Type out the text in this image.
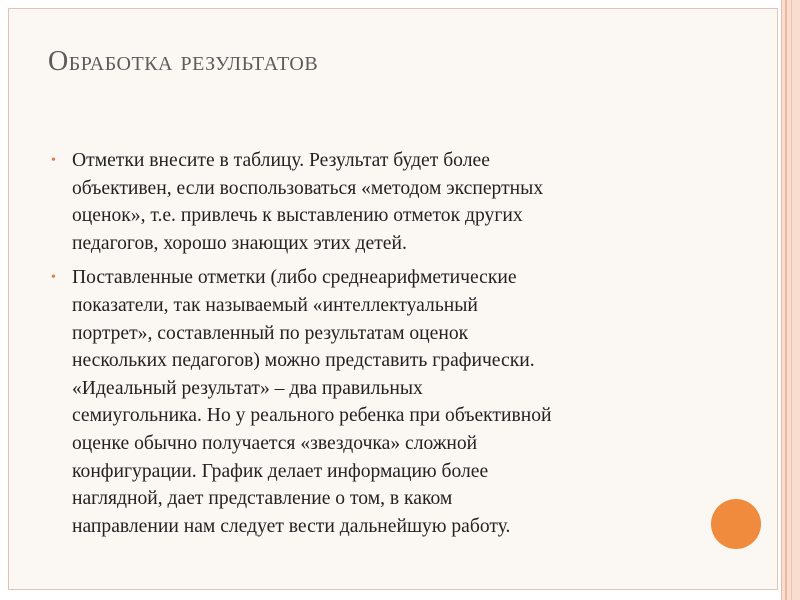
Обработка результатов
• Отметки внесите в таблицу. Результат будет более
объективен, если воспользоваться «методом экспертных
оценок», т.е. привлечь к выставлению отметок других
педагогов, хорошо знающих этих детей.
• Поставленные отметки (либо среднеарифметические
показатели, так называемый «интеллектуальный
портрет», составленный по результатам оценок
нескольких педагогов) можно представить графически.
«Идеальный результат» – два правильных
семиугольника. Но у реального ребенка при объективной
оценке обычно получается «звездочка» сложной
конфигурации. График делает информацию более
наглядной, дает представление о том, в каком
направлении нам следует вести дальнейшую работу.
